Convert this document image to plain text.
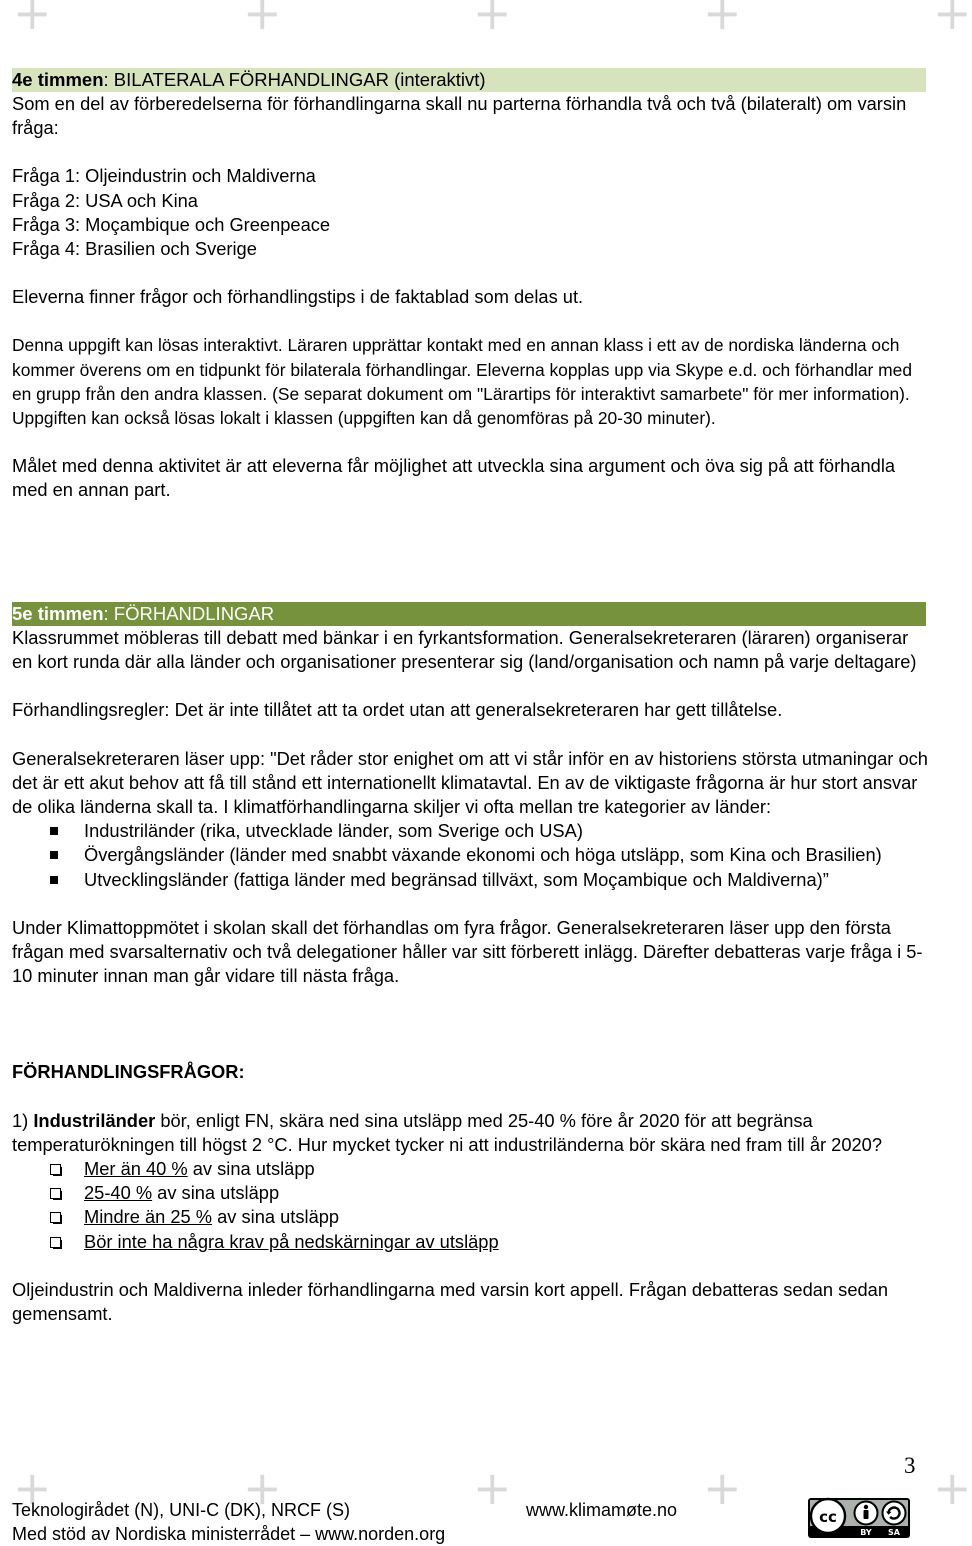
+	+	+	+	+
+	+	+	+	+
4e timmen: BILATERALA FÖRHANDLINGAR (interaktivt)

Som en del av förberedelserna för förhandlingarna skall nu parterna förhandla två och två (bilateralt) om varsin fråga:

Fråga 1: Oljeindustrin och Maldiverna

Fråga 2: USA och Kina

Fråga 3: Moçambique och Greenpeace

Fråga 4: Brasilien och Sverige

Eleverna finner frågor och förhandlingstips i de faktablad som delas ut.

Denna uppgift kan lösas interaktivt. Läraren upprättar kontakt med en annan klass i ett av de nordiska länderna och kommer överens om en tidpunkt för bilaterala förhandlingar. Eleverna kopplas upp via Skype e.d. och förhandlar med en grupp från den andra klassen. (Se separat dokument om "Lärartips för interaktivt samarbete" för mer information). Uppgiften kan också lösas lokalt i klassen (uppgiften kan då genomföras på 20-30 minuter).

Målet med denna aktivitet är att eleverna får möjlighet att utveckla sina argument och öva sig på att förhandla med en annan part.

5e timmen: FÖRHANDLINGAR

Klassrummet möbleras till debatt med bänkar i en fyrkantsformation. Generalsekreteraren (läraren) organiserar en kort runda där alla länder och organisationer presenterar sig (land/organisation och namn på varje deltagare)

Förhandlingsregler: Det är inte tillåtet att ta ordet utan att generalsekreteraren har gett tillåtelse.

Generalsekreteraren läser upp: "Det råder stor enighet om att vi står inför en av historiens största utmaningar och det är ett akut behov att få till stånd ett internationellt klimatavtal. En av de viktigaste frågorna är hur stort ansvar de olika länderna skall ta. I klimatförhandlingarna skiljer vi ofta mellan tre kategorier av länder:

Industriländer (rika, utvecklade länder, som Sverige och USA)
Övergångsländer (länder med snabbt växande ekonomi och höga utsläpp, som Kina och Brasilien)
Utvecklingsländer (fattiga länder med begränsad tillväxt, som Moçambique och Maldiverna)”

Under Klimattoppmötet i skolan skall det förhandlas om fyra frågor. Generalsekreteraren läser upp den första frågan med svarsalternativ och två delegationer håller var sitt förberett inlägg. Därefter debatteras varje fråga i 5-10 minuter innan man går vidare till nästa fråga.

FÖRHANDLINGSFRÅGOR:

1) Industriländer bör, enligt FN, skära ned sina utsläpp med 25-40 % före år 2020 för att begränsa temperaturökningen till högst 2 °C. Hur mycket tycker ni att industriländerna bör skära ned fram till år 2020?

Mer än 40 % av sina utsläpp
25-40 % av sina utsläpp
Mindre än 25 % av sina utsläpp
Bör inte ha några krav på nedskärningar av utsläpp

Oljeindustrin och Maldiverna inleder förhandlingarna med varsin kort appell. Frågan debatteras sedan sedan gemensamt.

3
Teknologirådet (N), UNI-C (DK), NRCF (S)	www.klimamøte.no
Med stöd av Nordiska ministerrådet – www.norden.org
cc
BY SA
